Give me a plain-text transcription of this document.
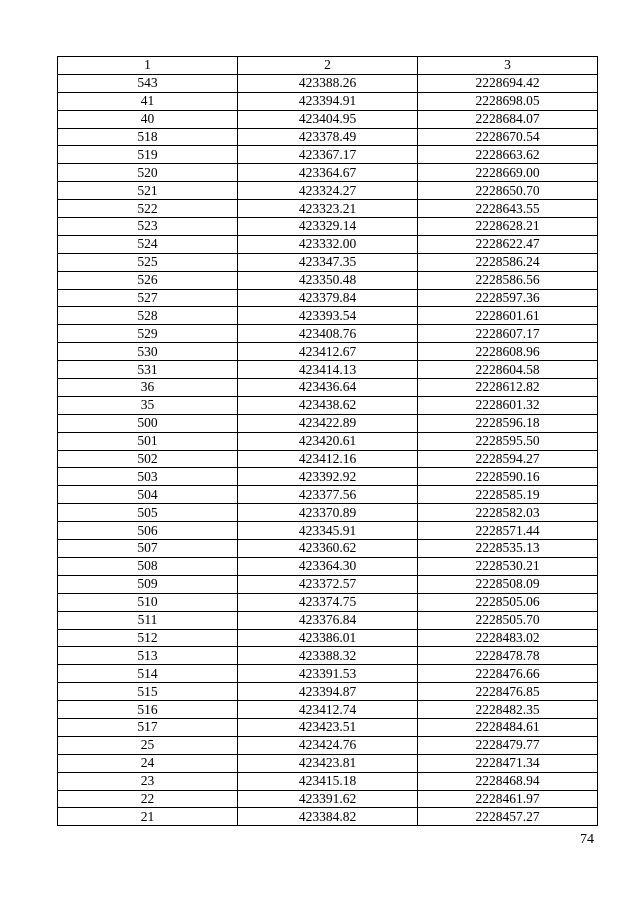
1	2	3
543	423388.26	2228694.42
41	423394.91	2228698.05
40	423404.95	2228684.07
518	423378.49	2228670.54
519	423367.17	2228663.62
520	423364.67	2228669.00
521	423324.27	2228650.70
522	423323.21	2228643.55
523	423329.14	2228628.21
524	423332.00	2228622.47
525	423347.35	2228586.24
526	423350.48	2228586.56
527	423379.84	2228597.36
528	423393.54	2228601.61
529	423408.76	2228607.17
530	423412.67	2228608.96
531	423414.13	2228604.58
36	423436.64	2228612.82
35	423438.62	2228601.32
500	423422.89	2228596.18
501	423420.61	2228595.50
502	423412.16	2228594.27
503	423392.92	2228590.16
504	423377.56	2228585.19
505	423370.89	2228582.03
506	423345.91	2228571.44
507	423360.62	2228535.13
508	423364.30	2228530.21
509	423372.57	2228508.09
510	423374.75	2228505.06
511	423376.84	2228505.70
512	423386.01	2228483.02
513	423388.32	2228478.78
514	423391.53	2228476.66
515	423394.87	2228476.85
516	423412.74	2228482.35
517	423423.51	2228484.61
25	423424.76	2228479.77
24	423423.81	2228471.34
23	423415.18	2228468.94
22	423391.62	2228461.97
21	423384.82	2228457.27
74
